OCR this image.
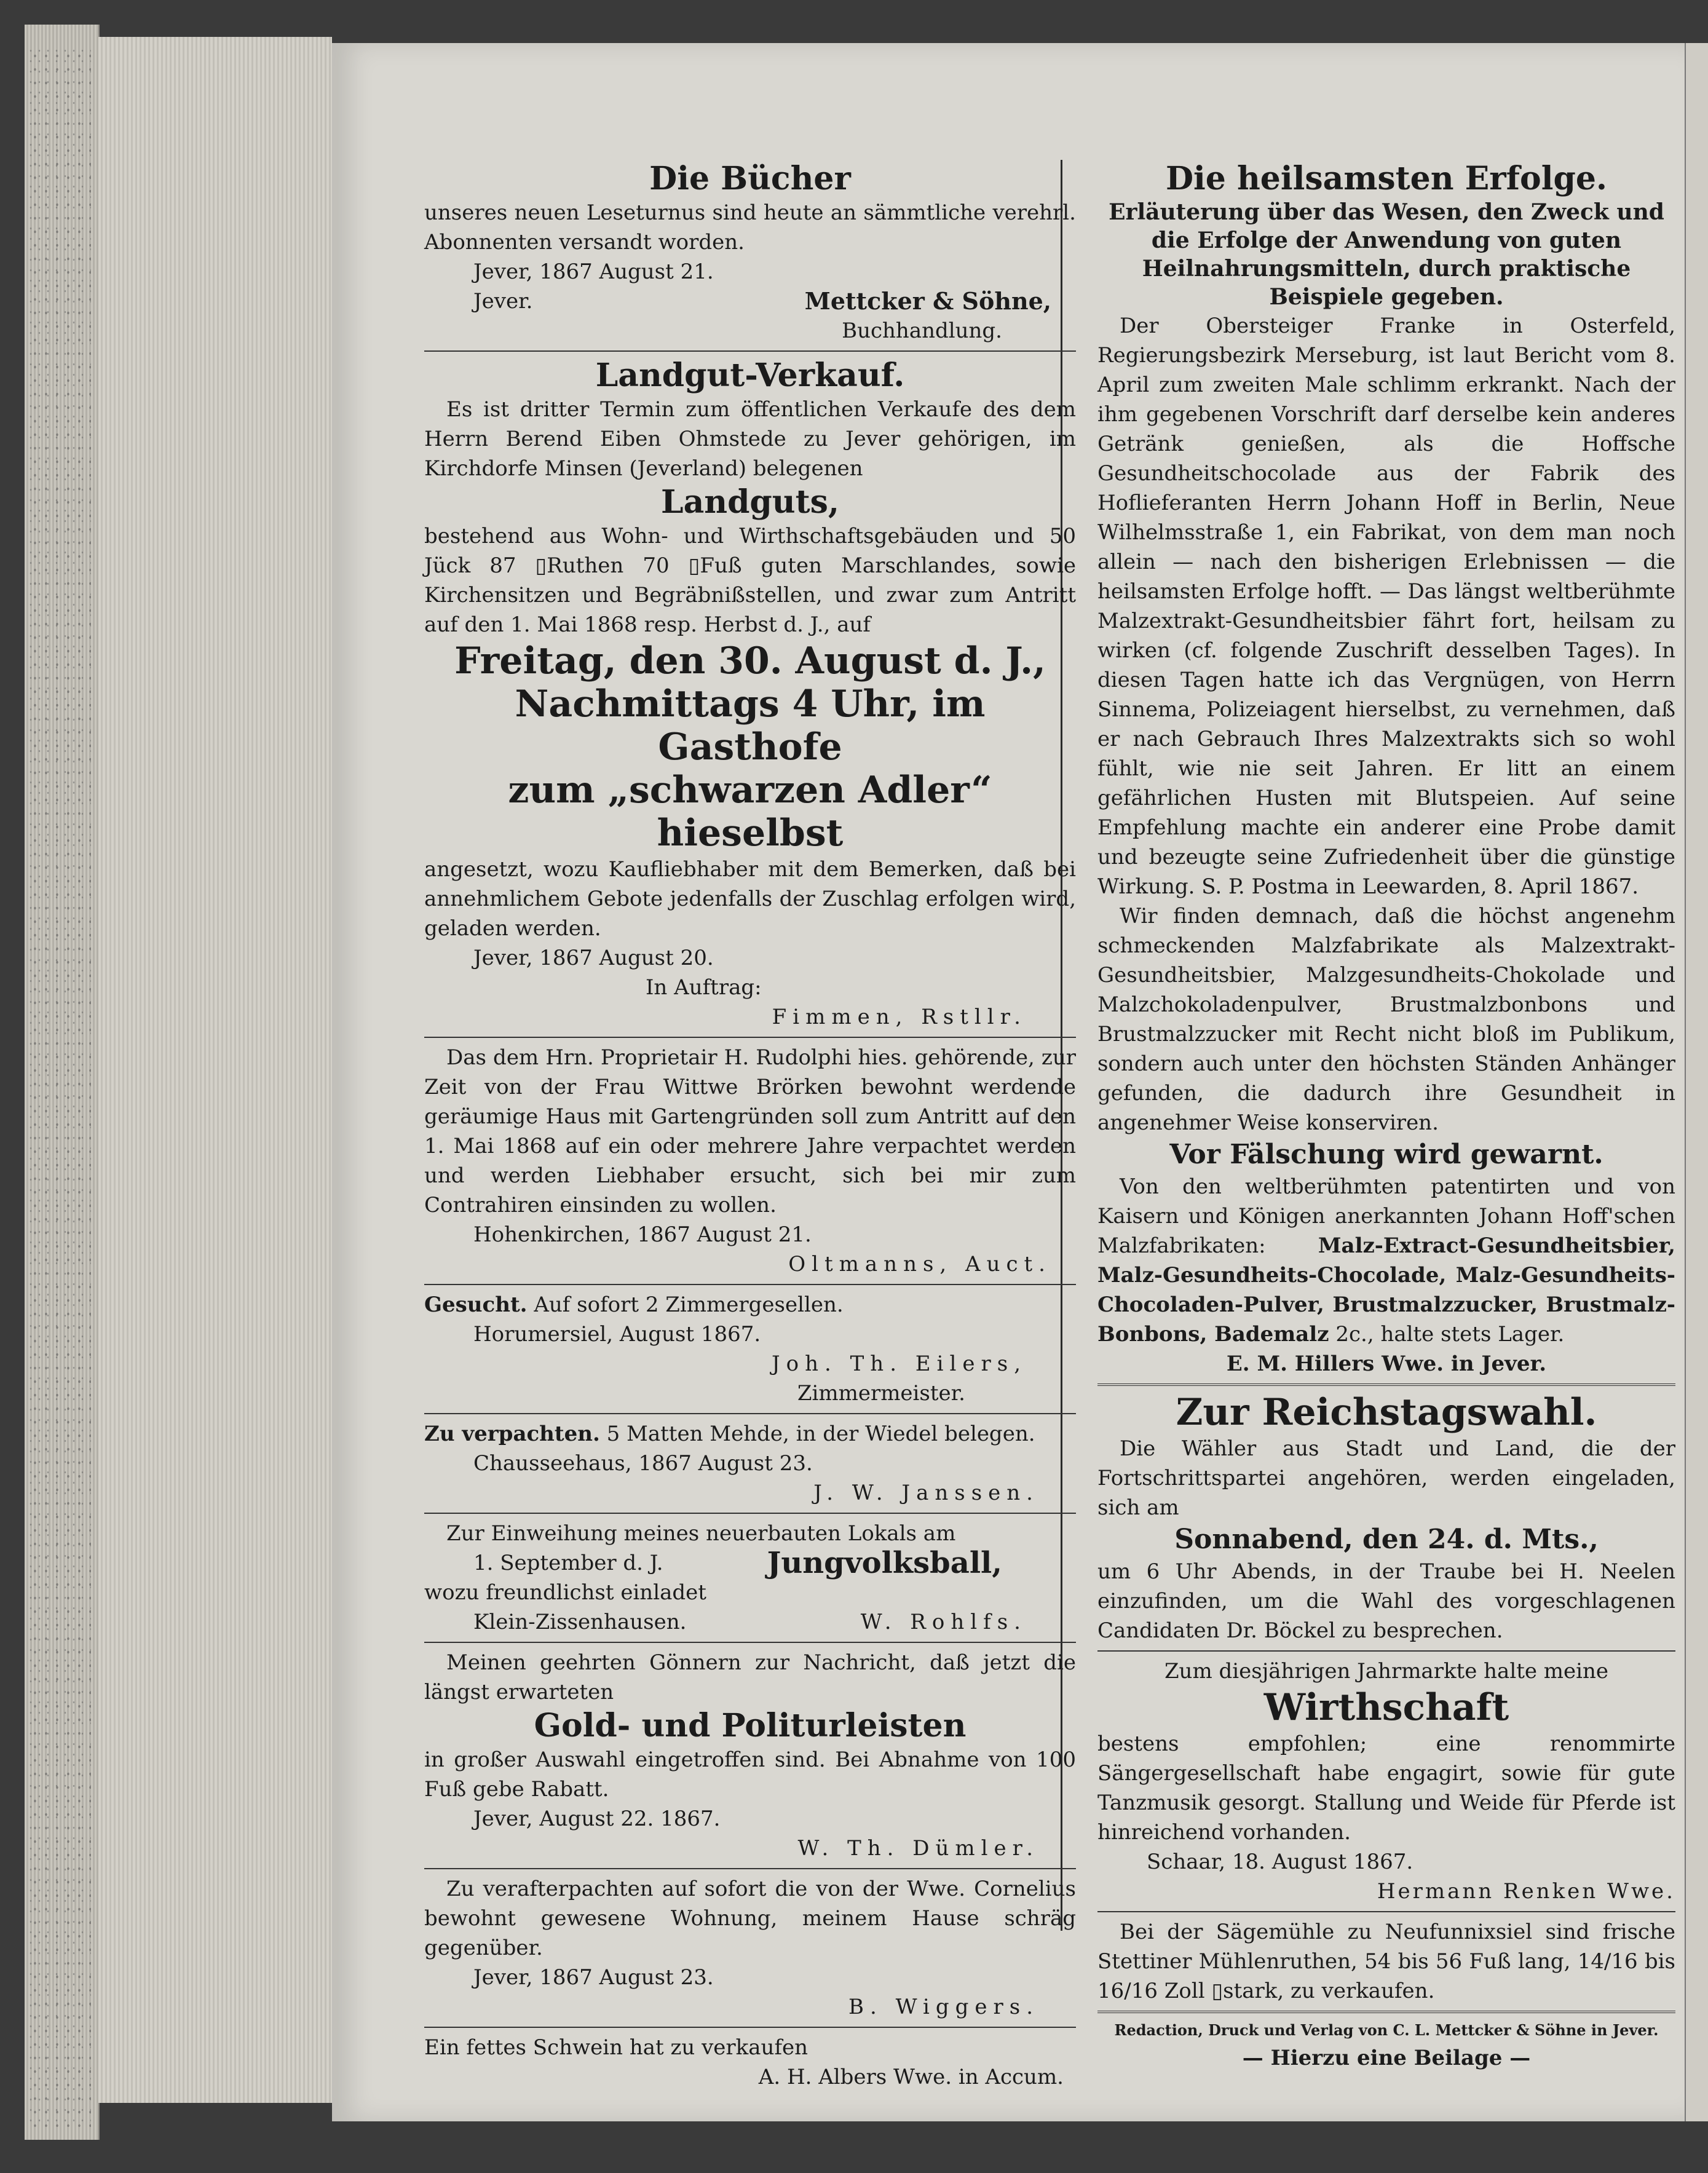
Die Bücher
unseres neuen Leseturnus sind heute an sämmtliche verehrl. Abonnenten versandt worden.
Jever, 1867 August 21.
Jever.	Mettcker & Söhne,
Buchhandlung.
Landgut-Verkauf.
Es ist dritter Termin zum öffentlichen Verkaufe des dem Herrn Berend Eiben Ohmstede zu Jever gehörigen, im Kirchdorfe Minsen (Jeverland) belegenen
Landguts,
bestehend aus Wohn- und Wirthschaftsgebäuden und 50 Jück 87 ▯Ruthen 70 ▯Fuß guten Marschlandes, sowie Kirchensitzen und Begräbnißstellen, und zwar zum Antritt auf den 1. Mai 1868 resp. Herbst d. J., auf
Freitag, den 30. August d. J.,
Nachmittags 4 Uhr, im Gasthofe
zum „schwarzen Adler“ hieselbst
angesetzt, wozu Kaufliebhaber mit dem Bemerken, daß bei annehmlichem Gebote jedenfalls der Zuschlag erfolgen wird, geladen werden.
Jever, 1867 August 20.
In Auftrag:
Fimmen, Rstllr.
Das dem Hrn. Proprietair H. Rudolphi hies. gehörende, zur Zeit von der Frau Wittwe Brörken bewohnt werdende geräumige Haus mit Gartengründen soll zum Antritt auf den 1. Mai 1868 auf ein oder mehrere Jahre verpachtet werden und werden Liebhaber ersucht, sich bei mir zum Contrahiren einsinden zu wollen.
Hohenkirchen, 1867 August 21.
Oltmanns, Auct.
Gesucht. Auf sofort 2 Zimmergesellen.
Horumersiel, August 1867.
Joh. Th. Eilers,
Zimmermeister.
Zu verpachten. 5 Matten Mehde, in der Wiedel belegen.
Chausseehaus, 1867 August 23.
J. W. Janssen.
Zur Einweihung meines neuerbauten Lokals am
1. September d. J.	Jungvolksball,
wozu freundlichst einladet
Klein-Zissenhausen.	W. Rohlfs.
Meinen geehrten Gönnern zur Nachricht, daß jetzt die längst erwarteten
Gold- und Politurleisten
in großer Auswahl eingetroffen sind. Bei Abnahme von 100 Fuß gebe Rabatt.
Jever, August 22. 1867.
W. Th. Dümler.
Zu verafterpachten auf sofort die von der Wwe. Cornelius bewohnt gewesene Wohnung, meinem Hause schräg gegenüber.
Jever, 1867 August 23.
B. Wiggers.
Ein fettes Schwein hat zu verkaufen
A. H. Albers Wwe. in Accum.
Die heilsamsten Erfolge.
Erläuterung über das Wesen, den Zweck und die Erfolge der Anwendung von guten Heilnahrungsmitteln, durch praktische Beispiele gegeben.
Der Obersteiger Franke in Osterfeld, Regierungsbezirk Merseburg, ist laut Bericht vom 8. April zum zweiten Male schlimm erkrankt. Nach der ihm gegebenen Vorschrift darf derselbe kein anderes Getränk genießen, als die Hoffsche Gesundheitschocolade aus der Fabrik des Hoflieferanten Herrn Johann Hoff in Berlin, Neue Wilhelmsstraße 1, ein Fabrikat, von dem man noch allein — nach den bisherigen Erlebnissen — die heilsamsten Erfolge hofft. — Das längst weltberühmte Malzextrakt-Gesundheitsbier fährt fort, heilsam zu wirken (cf. folgende Zuschrift desselben Tages). In diesen Tagen hatte ich das Vergnügen, von Herrn Sinnema, Polizeiagent hierselbst, zu vernehmen, daß er nach Gebrauch Ihres Malzextrakts sich so wohl fühlt, wie nie seit Jahren. Er litt an einem gefährlichen Husten mit Blutspeien. Auf seine Empfehlung machte ein anderer eine Probe damit und bezeugte seine Zufriedenheit über die günstige Wirkung. S. P. Postma in Leewarden, 8. April 1867.
Wir finden demnach, daß die höchst angenehm schmeckenden Malzfabrikate als Malzextrakt-Gesundheitsbier, Malzgesundheits-Chokolade und Malzchokoladenpulver, Brustmalzbonbons und Brustmalzzucker mit Recht nicht bloß im Publikum, sondern auch unter den höchsten Ständen Anhänger gefunden, die dadurch ihre Gesundheit in angenehmer Weise konserviren.
Vor Fälschung wird gewarnt.
Von den weltberühmten patentirten und von Kaisern und Königen anerkannten Johann Hoff'schen Malzfabrikaten:	Malz-Extract-Gesundheitsbier, Malz-Gesundheits-Chocolade, Malz-Gesundheits-Chocoladen-Pulver, Brustmalzzucker, Brustmalz-Bonbons, Bademalz 2c., halte stets Lager.
E. M. Hillers Wwe. in Jever.
Zur Reichstagswahl.
Die Wähler aus Stadt und Land, die der Fortschrittspartei angehören, werden eingeladen, sich am
Sonnabend, den 24. d. Mts.,
um 6 Uhr Abends, in der Traube bei H. Neelen einzufinden, um die Wahl des vorgeschlagenen Candidaten Dr. Böckel zu besprechen.
Zum diesjährigen Jahrmarkte halte meine
Wirthschaft
bestens empfohlen; eine renommirte Sängergesellschaft habe engagirt, sowie für gute Tanzmusik gesorgt. Stallung und Weide für Pferde ist hinreichend vorhanden.
Schaar, 18. August 1867.
Hermann Renken Wwe.
Bei der Sägemühle zu Neufunnixsiel sind frische Stettiner Mühlenruthen, 54 bis 56 Fuß lang, 14/16 bis 16/16 Zoll ▯stark, zu verkaufen.
Redaction, Druck und Verlag von C. L. Mettcker & Söhne in Jever.
— Hierzu eine Beilage —
